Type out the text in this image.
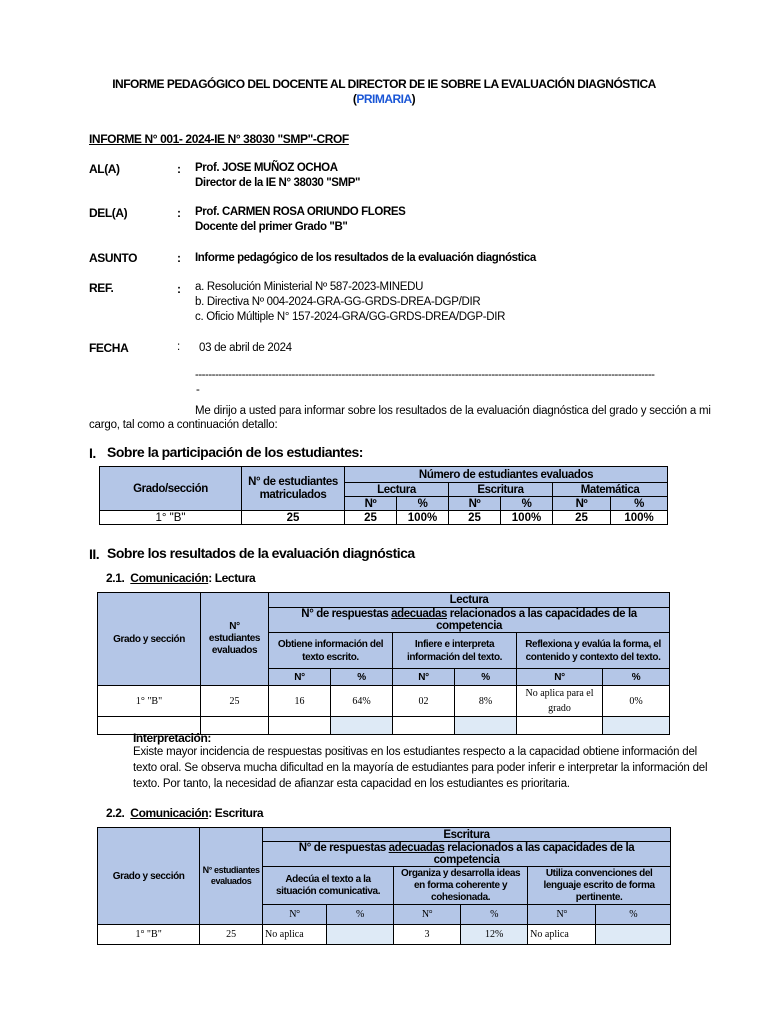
INFORME PEDAGÓGICO DEL DOCENTE AL DIRECTOR DE IE SOBRE LA EVALUACIÓN DIAGNÓSTICA
(PRIMARIA)
INFORME N° 001- 2024-IE N° 38030 "SMP"-CROF
AL(A)	: Prof. JOSE MUÑOZ OCHOA
Director de la IE N° 38030 "SMP"
DEL(A)	: Prof. CARMEN ROSA ORIUNDO FLORES
Docente del primer Grado "B"
ASUNTO	: Informe pedagógico de los resultados de la evaluación diagnóstica
REF.	: a. Resolución Ministerial Nº 587-2023-MINEDU
b. Directiva Nº 004-2024-GRA-GG-GRDS-DREA-DGP/DIR
c. Oficio Múltiple N° 157-2024-GRA/GG-GRDS-DREA/DGP-DIR
FECHA	: 03 de abril de 2024
------------------------------------------------------------------------------------------------------------------------------------------
-
Me dirijo a usted para informar sobre los resultados de la evaluación diagnóstica del grado y sección a mi
cargo, tal como a continuación detallo:
I. Sobre la participación de los estudiantes:
Grado/sección	N° de estudiantes matriculados	Número de estudiantes evaluados					
		Lectura		Escritura		Matemática	
		Nº	%	Nº	%	Nº	%
1° "B"	25	25	100%	25	100%	25	100%
II. Sobre los resultados de la evaluación diagnóstica
2.1. Comunicación: Lectura
Grado y sección	N° estudiantes evaluados	Lectura					
		N° de respuestas adecuadas relacionados a las capacidades de la competencia					
		Obtiene información del texto escrito.		Infiere e interpreta información del texto.		Reflexiona y evalúa la forma, el contenido y contexto del texto.	
		N°	%	N°	%	N°	%
1° "B"	25	16	64%	02	8%	No aplica para el grado	0%

Interpretación:
Existe mayor incidencia de respuestas positivas en los estudiantes respecto a la capacidad obtiene información del
texto oral. Se observa mucha dificultad en la mayoría de estudiantes para poder inferir e interpretar la información del
texto. Por tanto, la necesidad de afianzar esta capacidad en los estudiantes es prioritaria.
2.2. Comunicación: Escritura
Grado y sección	N° estudiantes evaluados	Escritura					
		N° de respuestas adecuadas relacionados a las capacidades de la competencia					
		Adecúa el texto a la situación comunicativa.		Organiza y desarrolla ideas en forma coherente y cohesionada.		Utiliza convenciones del lenguaje escrito de forma pertinente.	
		N°	%	N°	%	N°	%
1° "B"	25	No aplica		3	12%	No aplica	
